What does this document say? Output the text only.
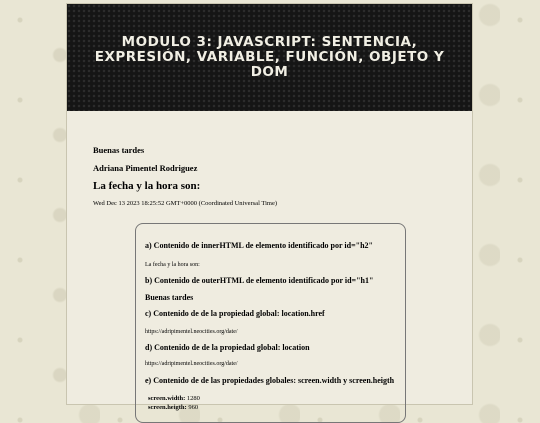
MODULO 3: JAVASCRIPT: SENTENCIA, EXPRESIÓN, VARIABLE, FUNCIÓN, OBJETO Y DOM

Buenas tardes

Adriana Pimentel Rodriguez

La fecha y la hora son:
Wed Dec 13 2023 18:25:52 GMT+0000 (Coordinated Universal Time)
a) Contenido de innerHTML de elemento identificado por id="h2"
La fecha y la hora son:
b) Contenido de outerHTML de elemento identificado por id="h1"
Buenas tardes
c) Contenido de de la propiedad global: location.href
https://adripimentel.neocities.org/date/
d) Contenido de de la propiedad global: location
https://adripimentel.neocities.org/date/
e) Contenido de de las propiedades globales: screen.width y screen.heigth
screen.width: 1280
screen.heigth: 960
